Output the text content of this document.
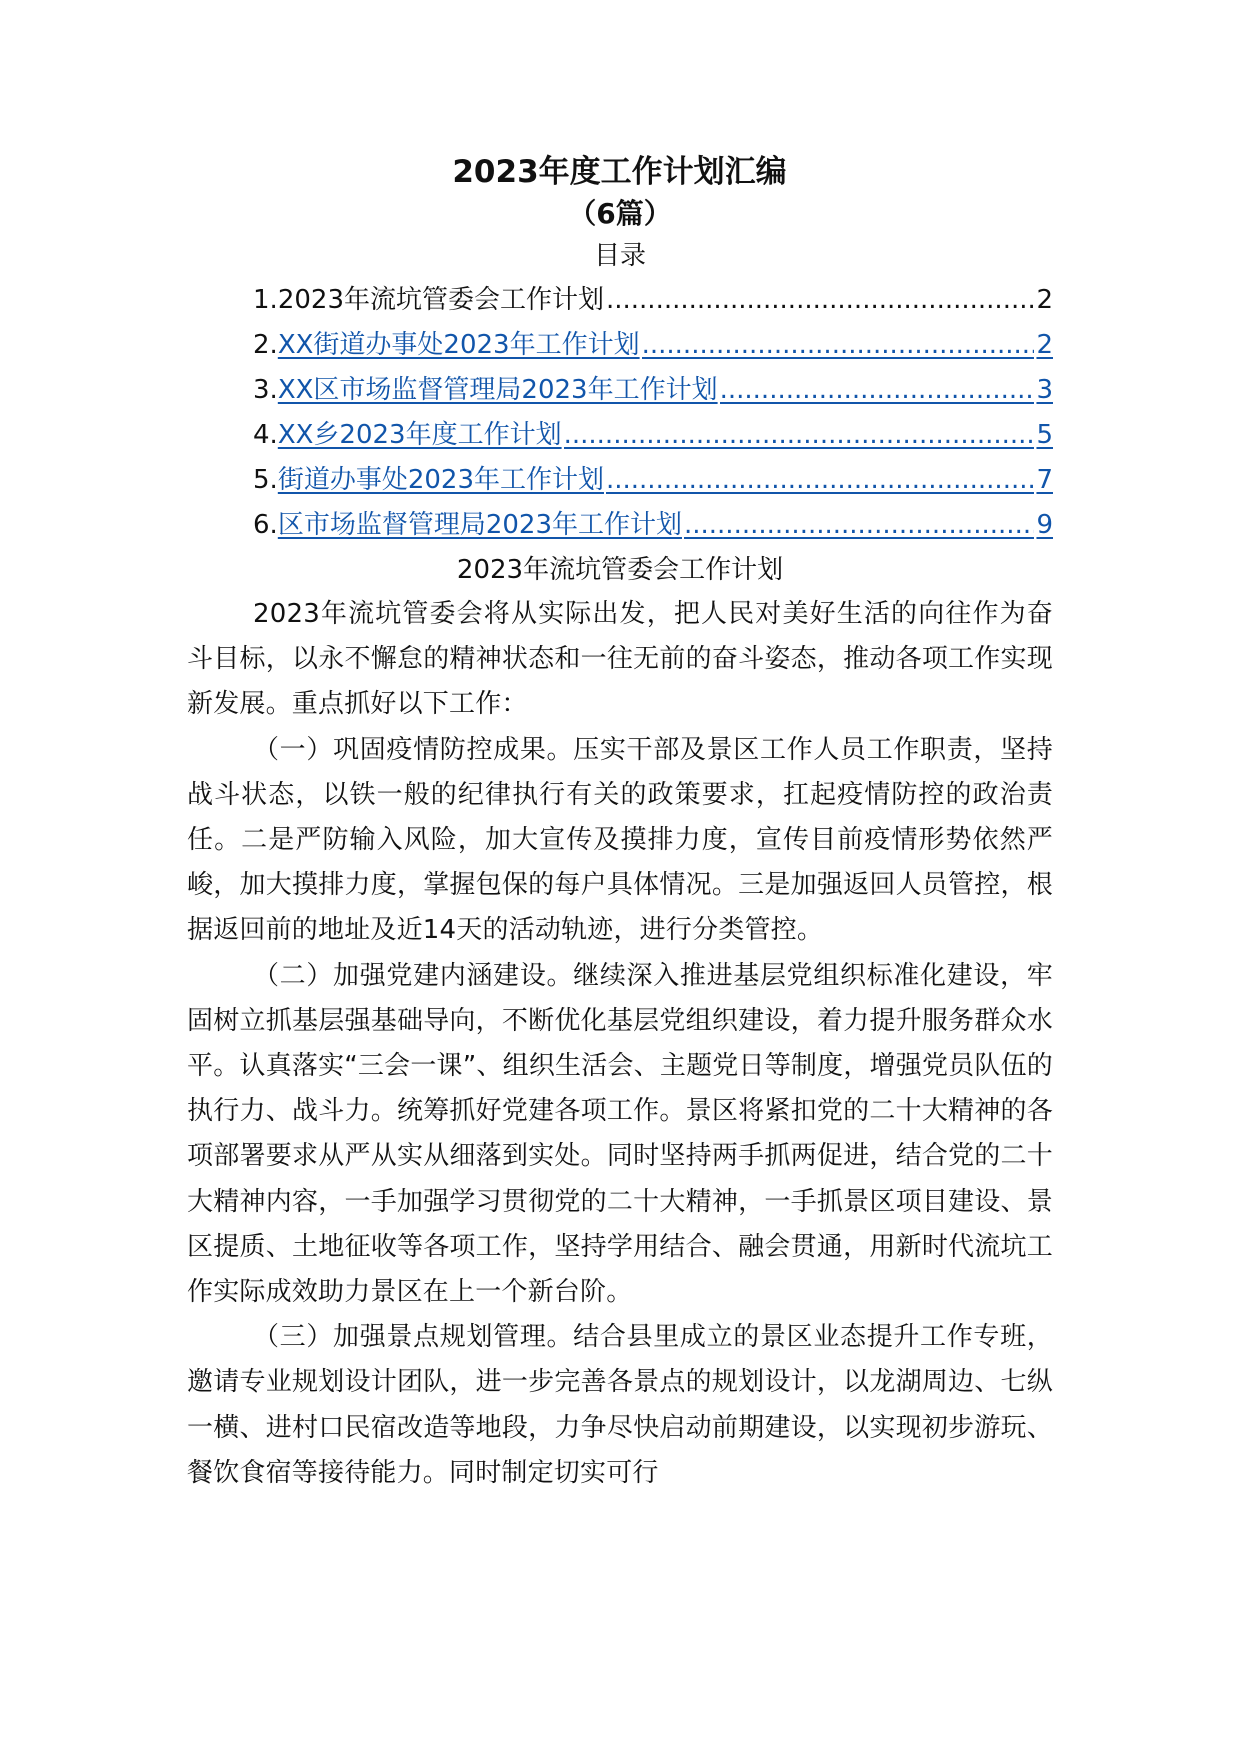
2023年度工作计划汇编
（6篇）
目录
1. 2023年流坑管委会工作计划 .....	2
2. XX街道办事处2023年工作计划 .....	2
3. XX区市场监督管理局2023年工作计划 .....	3
4. XX乡2023年度工作计划 .....	5
5. 街道办事处2023年工作计划 .....	7
6. 区市场监督管理局2023年工作计划 .....	9
2023年流坑管委会工作计划

2023年流坑管委会将从实际出发，把人民对美好生活的向往作为奋斗目标，以永不懈怠的精神状态和一往无前的奋斗姿态，推动各项工作实现新发展。重点抓好以下工作：

（一）巩固疫情防控成果。压实干部及景区工作人员工作职责，坚持战斗状态，以铁一般的纪律执行有关的政策要求，扛起疫情防控的政治责任。二是严防输入风险，加大宣传及摸排力度，宣传目前疫情形势依然严峻，加大摸排力度，掌握包保的每户具体情况。三是加强返回人员管控，根据返回前的地址及近14天的活动轨迹，进行分类管控。

（二）加强党建内涵建设。继续深入推进基层党组织标准化建设，牢固树立抓基层强基础导向，不断优化基层党组织建设，着力提升服务群众水平。认真落实“三会一课”、组织生活会、主题党日等制度，增强党员队伍的执行力、战斗力。统筹抓好党建各项工作。景区将紧扣党的二十大精神的各项部署要求从严从实从细落到实处。同时坚持两手抓两促进，结合党的二十大精神内容，一手加强学习贯彻党的二十大精神，一手抓景区项目建设、景区提质、土地征收等各项工作，坚持学用结合、融会贯通，用新时代流坑工作实际成效助力景区在上一个新台阶。

（三）加强景点规划管理。结合县里成立的景区业态提升工作专班，邀请专业规划设计团队，进一步完善各景点的规划设计，以龙湖周边、七纵一横、进村口民宿改造等地段，力争尽快启动前期建设，以实现初步游玩、餐饮食宿等接待能力。同时制定切实可行
